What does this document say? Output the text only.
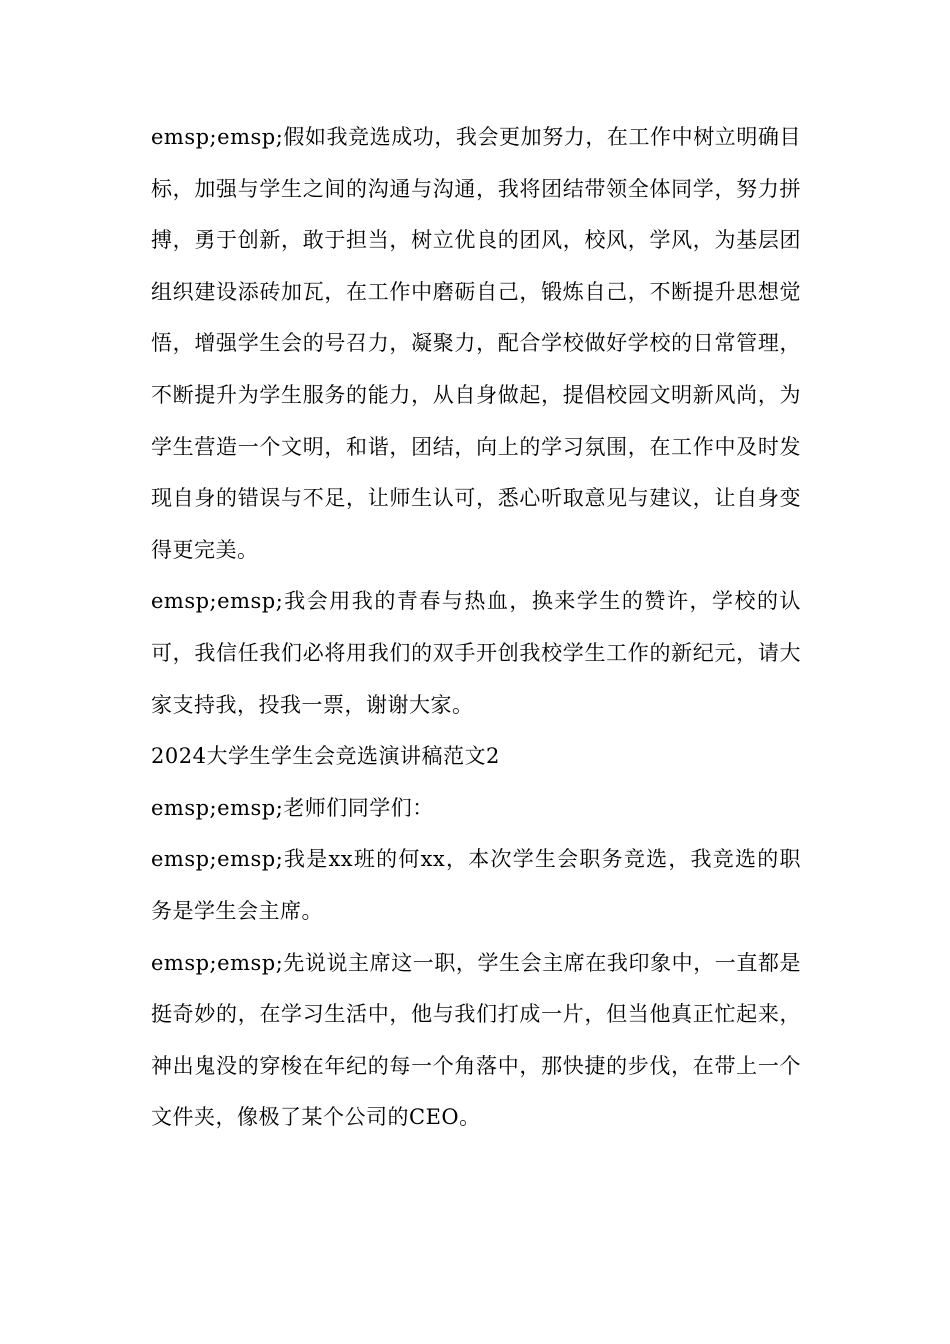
emsp;emsp;假如我竞选成功，我会更加努力，在工作中树立明确目标，加强与学生之间的沟通与沟通，我将团结带领全体同学，努力拼搏，勇于创新，敢于担当，树立优良的团风，校风，学风，为基层团组织建设添砖加瓦，在工作中磨砺自己，锻炼自己，不断提升思想觉悟，增强学生会的号召力，凝聚力，配合学校做好学校的日常管理，不断提升为学生服务的能力，从自身做起，提倡校园文明新风尚，为学生营造一个文明，和谐，团结，向上的学习氛围，在工作中及时发现自身的错误与不足，让师生认可，悉心听取意见与建议，让自身变得更完美。

emsp;emsp;我会用我的青春与热血，换来学生的赞许，学校的认可，我信任我们必将用我们的双手开创我校学生工作的新纪元，请大家支持我，投我一票，谢谢大家。

2024大学生学生会竞选演讲稿范文2

emsp;emsp;老师们同学们：

emsp;emsp;我是xx班的何xx，本次学生会职务竞选，我竞选的职务是学生会主席。

emsp;emsp;先说说主席这一职，学生会主席在我印象中，一直都是挺奇妙的，在学习生活中，他与我们打成一片，但当他真正忙起来，神出鬼没的穿梭在年纪的每一个角落中，那快捷的步伐，在带上一个文件夹，像极了某个公司的CEO。
